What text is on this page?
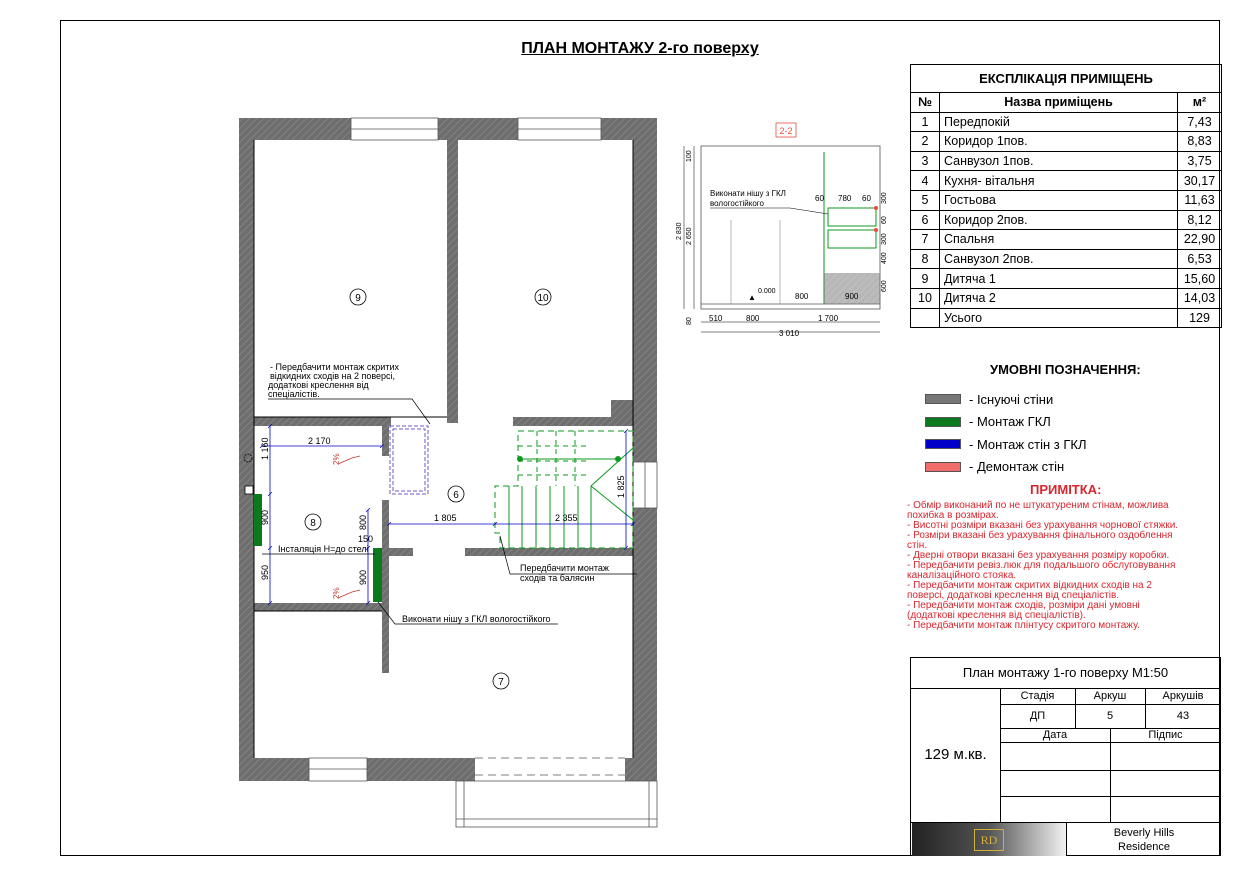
ПЛАН МОНТАЖУ 2-го поверху
9	10
6
8
7
2 170
1 160
900
950
800
150
900
1 805	2 355
1 825
2%
2%
- Передбачити монтаж скритих
відкидних сходів на 2 поверсі,
додаткові креслення від
спеціалістів.
Інсталяція H=до стелі
Передбачити монтаж
сходів та балясин
Виконати нішу з ГКЛ вологостійкого
2-2
Виконати нішу з ГКЛ
вологостійкого
60 780 60 300
60
300
400
600
100
2 830 2 650
80
0.000
800	900
510	800	1 700
3 010
ЕКСПЛІКАЦІЯ ПРИМІЩЕНЬ		
№	Назва приміщень	м²
1	Передпокій	7,43
2	Коридор 1пов.	8,83
3	Санвузол 1пов.	3,75
4	Кухня- вітальня	30,17
5	Гостьова	11,63
6	Коридор 2пов.	8,12
7	Спальня	22,90
8	Санвузол 2пов.	6,53
9	Дитяча 1	15,60
10	Дитяча 2	14,03
	Усього	129
УМОВНІ ПОЗНАЧЕННЯ:
- Існуючі стіни
- Монтаж ГКЛ
- Монтаж стін з ГКЛ
- Демонтаж стін
ПРИМІТКА:
- Обмір виконаний по не штукатуреним стінам, можлива
похибка в розмірах.
- Висотні розміри вказані без урахування чорнової стяжки.
- Розміри вказані без урахування фінального оздоблення
стін.
- Дверні отвори вказані без урахування розміру коробки.
- Передбачити ревіз.люк для подальшого обслуговування
каналізаційного стояка.
- Передбачити монтаж скритих відкидних сходів на 2
поверсі, додаткові креслення від спеціалістів.
- Передбачити монтаж сходів, розміри дані умовні
(додаткові креслення від спеціалістів).
- Передбачити монтаж плінтусу скритого монтажу.
План монтажу 1-го поверху М1:50
Стадія	Аркуш	Аркушів
ДП	5	43
Дата	Підпис
129 м.кв.
RD	Beverly Hills
Residence
